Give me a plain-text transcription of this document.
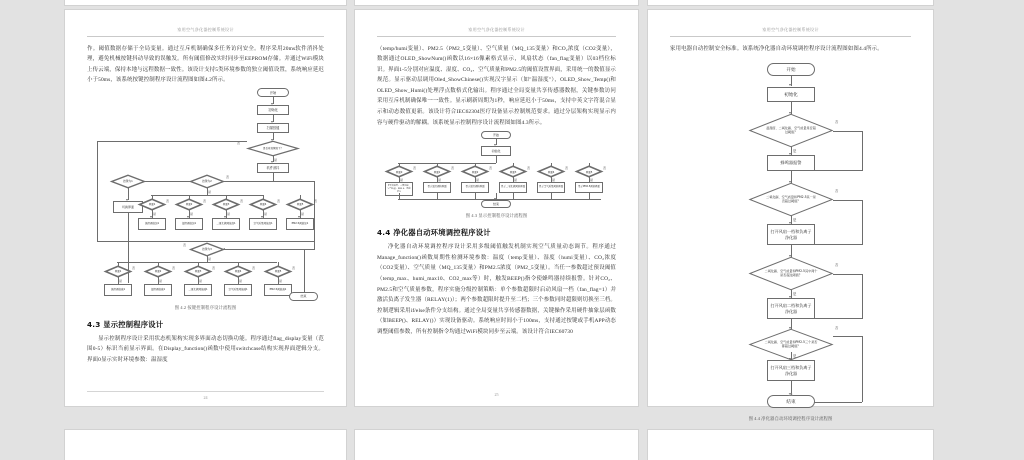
家用空气净化器控制系统设计
作。阈值数据存储于全局变量。通过互斥机制确保多任务访问安全。程序采用20ms软件消抖处理，避免机械按键抖动导致的误触发。所有阈值修改实时同步至EEPROM存储。并通过WiFi模块上传云端，保持本地与远程数据一致性。该设计支持5类环境参数的独立阈值设置，系统响应延迟小于50ms，该系统按键控制程序设计流程图如图4.2所示。
开始
初始化
扫描按键
是否有按键按下？
否
是
软件消抖
按键为2
否
按键为1
切换界面
是
界面1	界面2	界面3	界面4	界面5
否	否	否	否	否
是	是	是	是	是
温度阈值加1	湿度阈值加1	二氧化碳阈值加1	空气质量阈值加1	PM2.5阈值加1
按键为3
否
是
界面1	界面2	界面3	界面4	界面5
否	否	否	否	否
是	是	是	是	是
温度阈值减1	湿度阈值减1	二氧化碳阈值减1	空气质量阈值减1	PM2.5阈值减1
结束
图 4.2 按键控制程序设计流程图
4.3 显示控制程序设计
显示控制程序设计采用状态机架构实现多界面动态切换功能。程序通过flag_display变量（范围0-5）标识当前显示界面。在Display_function()函数中使用switchcase结构实现界面逻辑分支。界面0显示实时环境参数：温湿度
24
家用空气净化器控制系统设计
（temp/humi变量）、PM2.5（PM2_5变量）、空气质量（MQ_135变量）和CO₂浓度（CO2变量），数据通过OLED_ShowNum()函数以16×16像素格式显示，风扇状态（fan_flag变量）以03档位标识。界面1-5分别对应温度、湿度、CO₂、空气质量和PM2.5的阈值设置界面，采用统一的数值显示规范。显示驱动层调用Oled_ShowChinese()实现汉字显示（如"温湿度"），OLED_Show_Temp()和OLED_Show_Humi()处理浮点数格式化输出。程序通过全局变量共享传感器数据，关键参数访问采用互斥机制确保唯一一致性。显示刷新周期为1秒，响应延迟小于50ms，支持中英文字符混合显示和动态数值更新。该设计符合IEC62304医疗设备显示控制规范要求。通过分层架构实现显示内容与硬件驱动的解耦。该系统显示控制程序设计流程图如图4.3所示。
开始
初始化
界面0	界面1	界面2	界面3	界面4	界面5
否	否	否	否	否	否
是	是	是	是	是	是
显示温湿度、二氧化碳、空气质量、PM2.5、风扇状态
显示温度阈值界面	显示湿度阈值界面	显示二氧化碳阈值界面	显示空气质量阈值界面	显示PM2.5阈值界面
结束
图 4.3 显示控制程序设计流程图
4.4 净化器自动环境调控程序设计
净化器自动环境调控程序设计采用多级阈值触发机制实现空气质量动态调节。程序通过Manage_function()函数周期性检测环境参数：温度（temp变量）、湿度（humi变量）、CO₂浓度（CO2变量）、空气质量（MQ_135变量）和PM2.5浓度（PM2_5变量）。当任一参数超过预设阈值（temp_max、humi_max10、CO2_max等）时，触发BEEP()指令使蜂鸣器持续报警。针对CO₂、PM2.5和空气质量参数，程序实施分级控制策略：单个参数超限时启动风扇一档（fan_flag=1）并激活负离子发生器（RELAY(1)）；两个参数超限时提升至二档；三个参数同时超限则切换至三档。控制逻辑采用if/else条件分支结构。通过全局变量共享传感器数据，关键操作采用硬件抽象层函数（如BEEP()、RELAY()）实现设备驱动。系统响应时间小于100ms，支持通过按键或手机APP动态调整阈值参数，所有控制指令均通过WiFi模块同步至云端。该设计符合IEC60730
25
家用空气净化器控制系统设计
家用电器自动控制安全标准。该系统净化器自动环境调控程序设计流程图如图4.4所示。
开始
初始化
温湿度、二氧化碳、空气质量是否超过阈值？
否
是
蜂鸣器报警
二氧化碳、空气质量和PM2.5其一是否超过阈值？
否
是
打开风扇一档和负离子净化器
二氧化碳、空气质量和PM2.5其中两个是否超过阈值？
否
是
打开风扇二档和负离子净化器
二氧化碳、空气质量和PM2.5三个是否都超过阈值？
否
是
打开风扇三档和负离子净化器
结束
图 4.4 净化器自动环境调控程序设计流程图
26
